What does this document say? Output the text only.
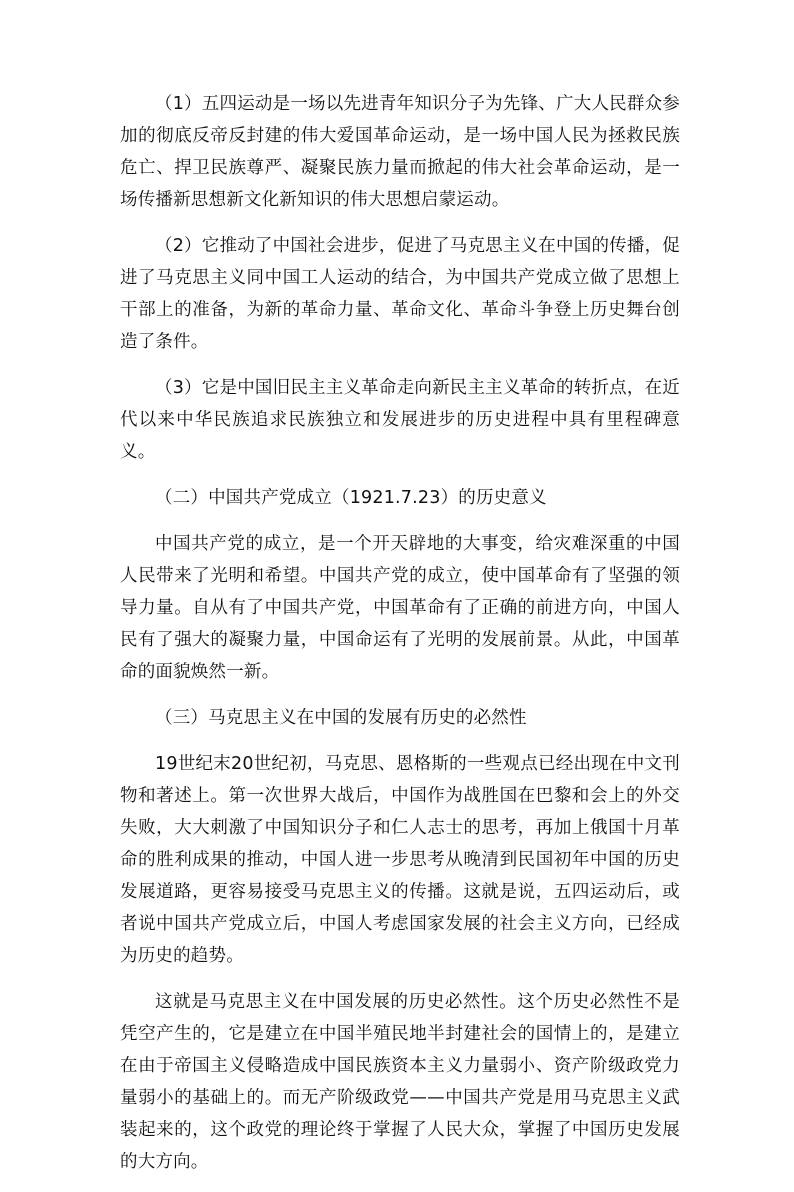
（1）五四运动是一场以先进青年知识分子为先锋、广大人民群众参加的彻底反帝反封建的伟大爱国革命运动，是一场中国人民为拯救民族危亡、捍卫民族尊严、凝聚民族力量而掀起的伟大社会革命运动，是一场传播新思想新文化新知识的伟大思想启蒙运动。

（2）它推动了中国社会进步，促进了马克思主义在中国的传播，促进了马克思主义同中国工人运动的结合，为中国共产党成立做了思想上干部上的准备，为新的革命力量、革命文化、革命斗争登上历史舞台创造了条件。

（3）它是中国旧民主主义革命走向新民主主义革命的转折点，在近代以来中华民族追求民族独立和发展进步的历史进程中具有里程碑意义。

（二）中国共产党成立（1921.7.23）的历史意义

中国共产党的成立，是一个开天辟地的大事变，给灾难深重的中国人民带来了光明和希望。中国共产党的成立，使中国革命有了坚强的领导力量。自从有了中国共产党，中国革命有了正确的前进方向，中国人民有了强大的凝聚力量，中国命运有了光明的发展前景。从此，中国革命的面貌焕然一新。

（三）马克思主义在中国的发展有历史的必然性

19世纪末20世纪初，马克思、恩格斯的一些观点已经出现在中文刊物和著述上。第一次世界大战后，中国作为战胜国在巴黎和会上的外交失败，大大刺激了中国知识分子和仁人志士的思考，再加上俄国十月革命的胜利成果的推动，中国人进一步思考从晚清到民国初年中国的历史发展道路，更容易接受马克思主义的传播。这就是说，五四运动后，或者说中国共产党成立后，中国人考虑国家发展的社会主义方向，已经成为历史的趋势。

这就是马克思主义在中国发展的历史必然性。这个历史必然性不是凭空产生的，它是建立在中国半殖民地半封建社会的国情上的，是建立在由于帝国主义侵略造成中国民族资本主义力量弱小、资产阶级政党力量弱小的基础上的。而无产阶级政党——中国共产党是用马克思主义武装起来的，这个政党的理论终于掌握了人民大众，掌握了中国历史发展的大方向。
